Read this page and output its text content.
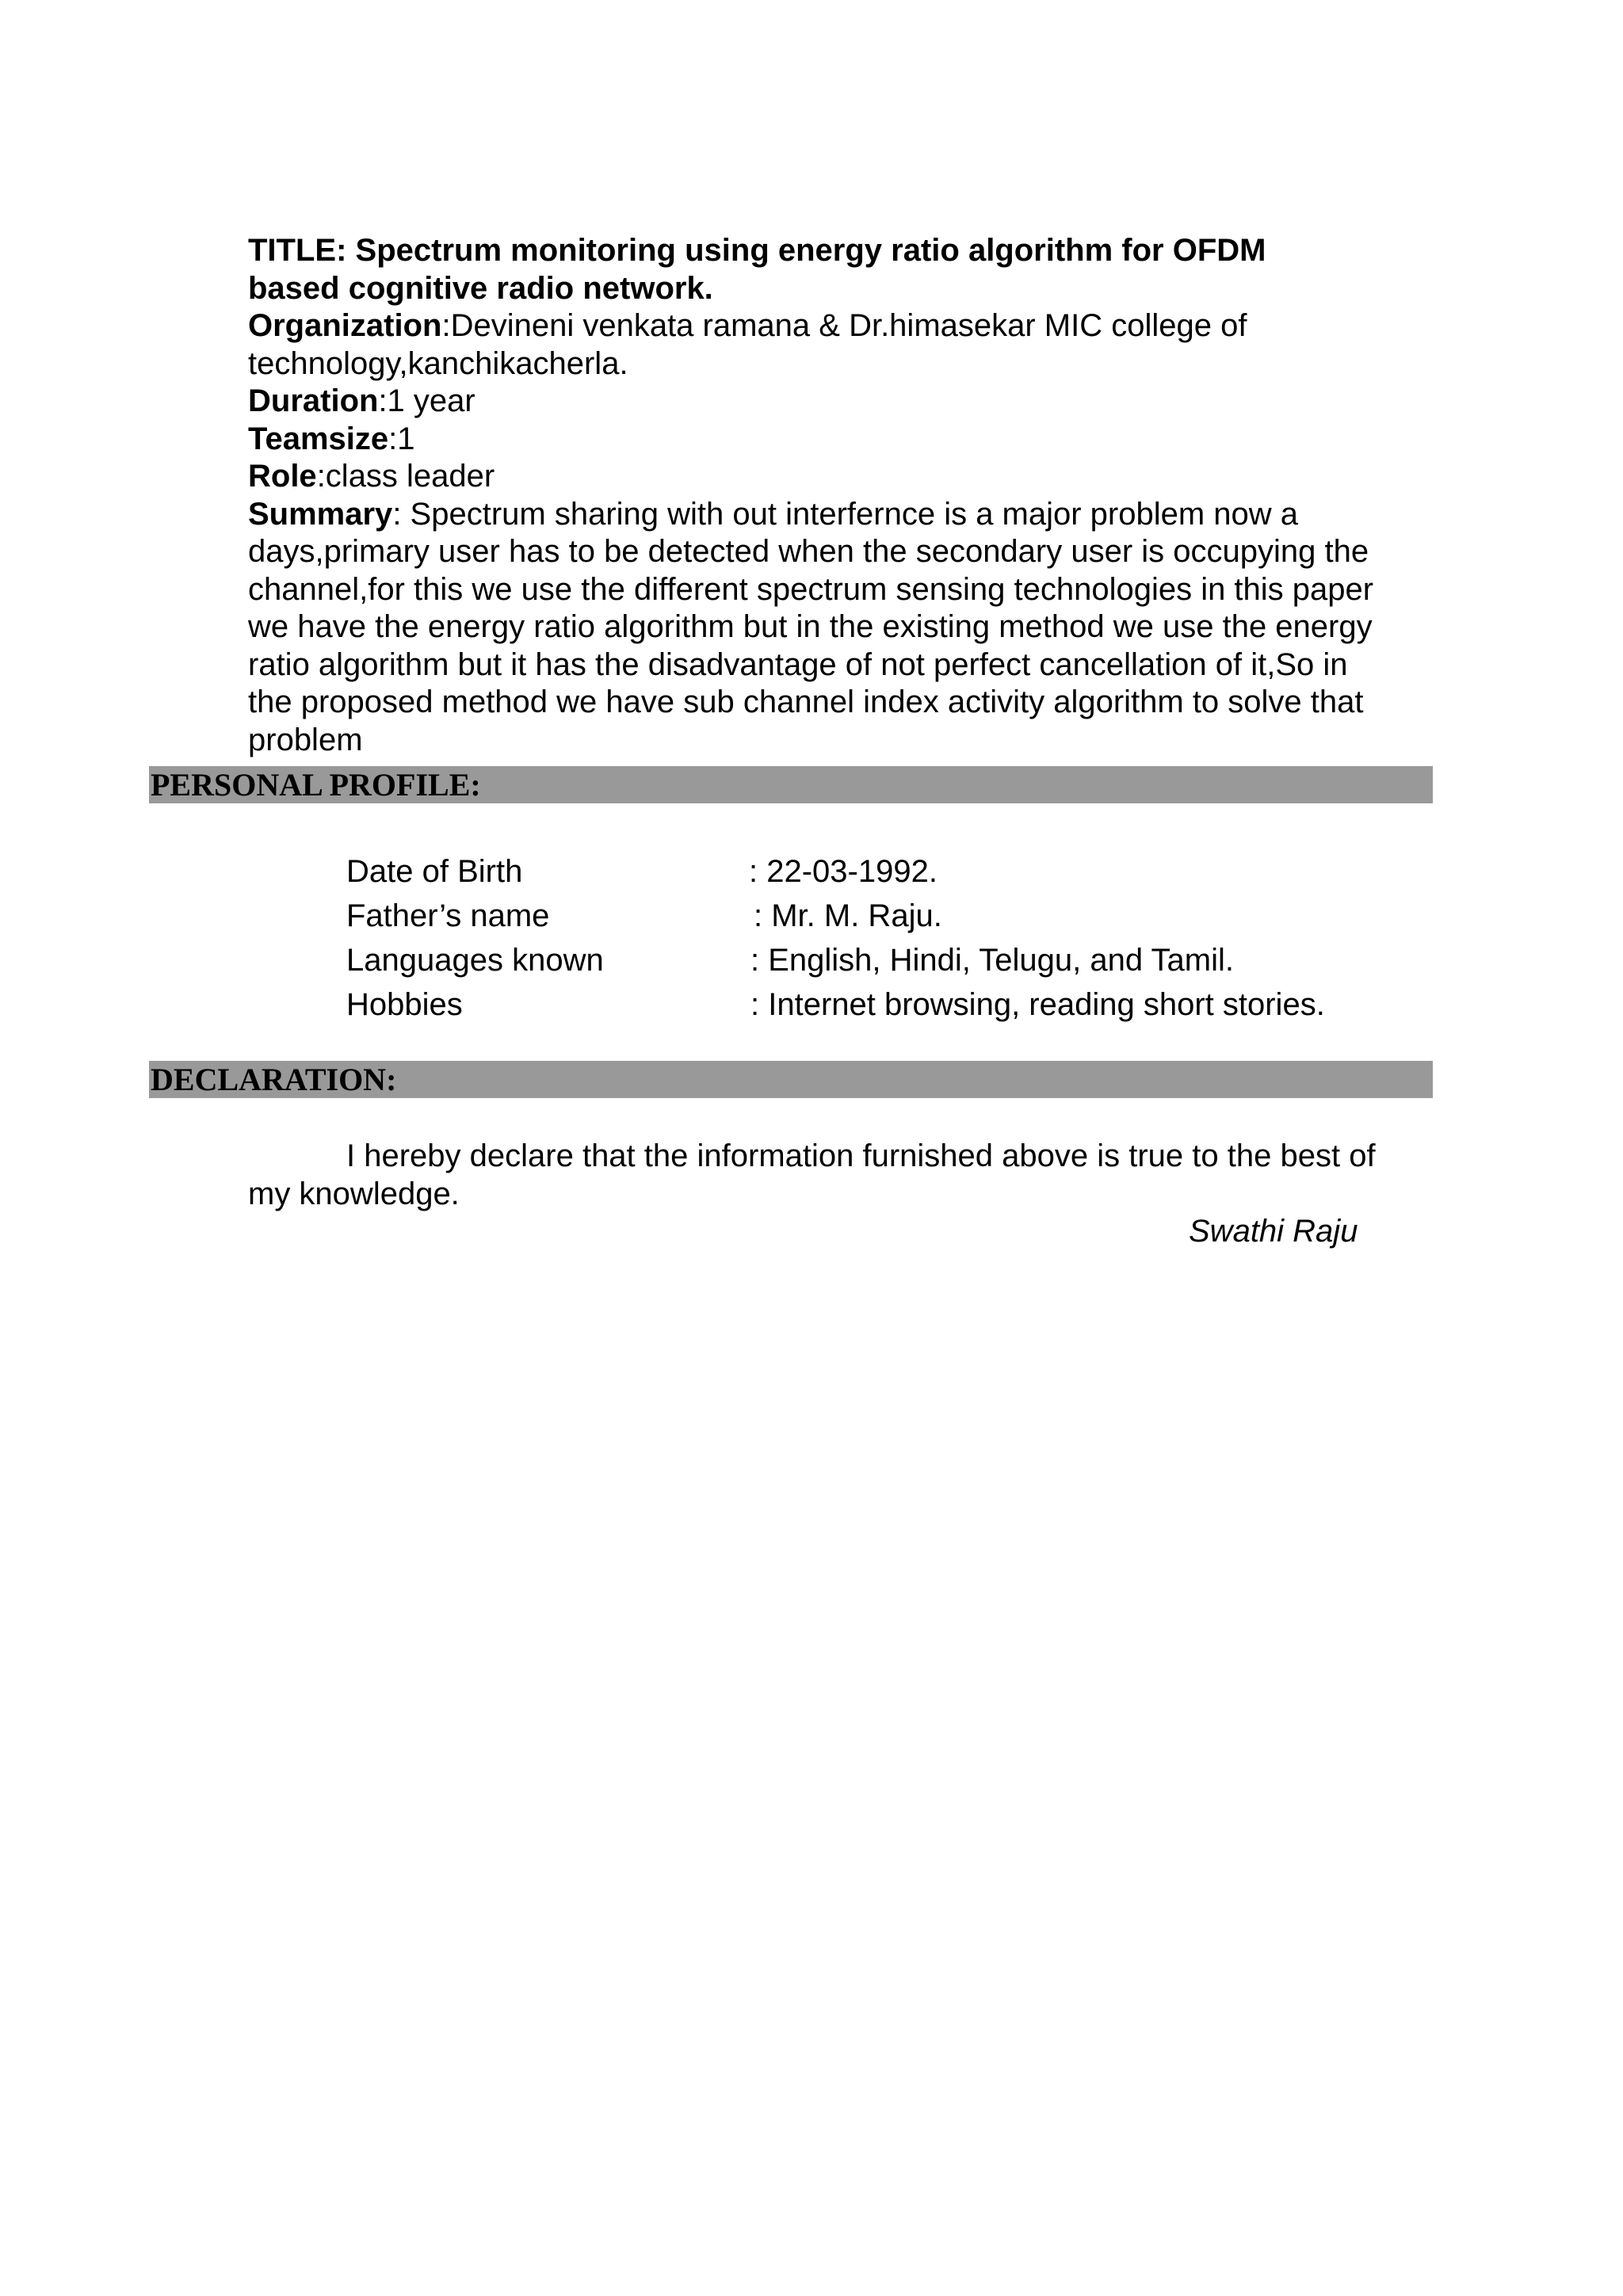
TITLE: Spectrum monitoring using energy ratio algorithm for OFDM based cognitive radio network.

Organization:Devineni venkata ramana & Dr.himasekar MIC college of technology,kanchikacherla.

Duration:1 year

Teamsize:1

Role:class leader

Summary: Spectrum sharing with out interfernce is a major problem now a days,primary user has to be detected when the secondary user is occupying the channel,for this we use the different spectrum sensing technologies in this paper we have the energy ratio algorithm but in the existing method we use the energy ratio algorithm but it has the disadvantage of not perfect cancellation of it,So in the proposed method we have sub channel index activity algorithm to solve that problem

PERSONAL PROFILE:
Date of Birth	: 22-03-1992.
Father’s name	: Mr. M. Raju.
Languages known	: English, Hindi, Telugu, and Tamil.
Hobbies	: Internet browsing, reading short stories.
DECLARATION:

I hereby declare that the information furnished above is true to the best of my knowledge.

Swathi Raju
